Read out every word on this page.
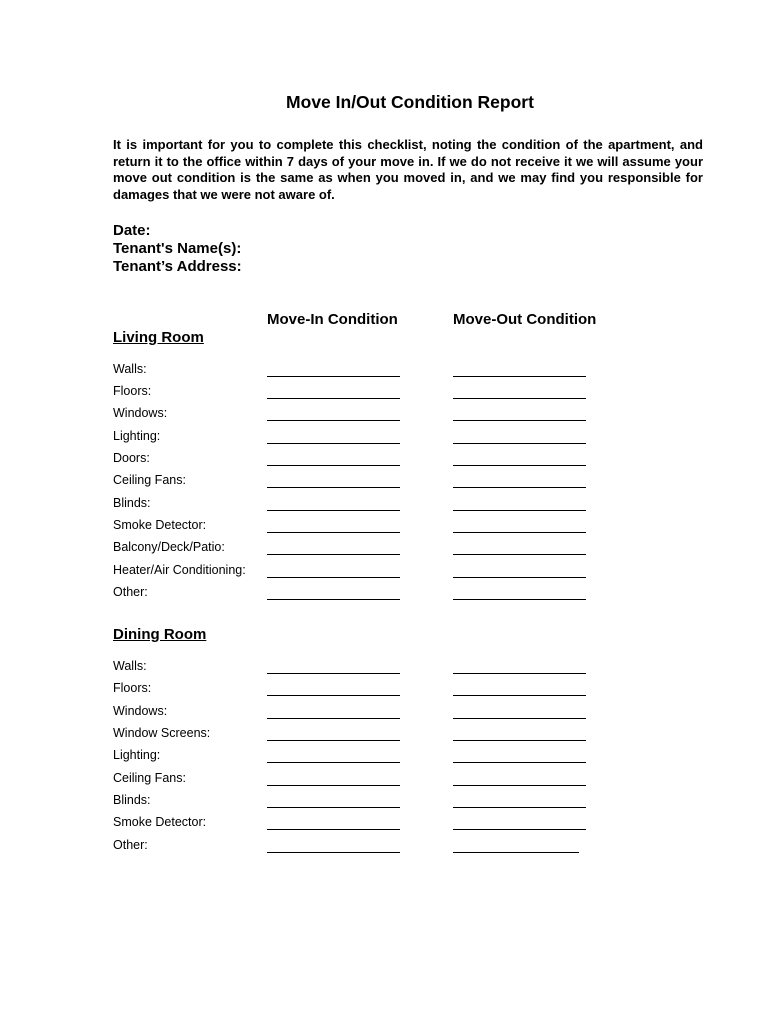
Move In/Out Condition Report
It is important for you to complete this checklist, noting the condition of the apartment, and return it to the office within 7 days of your move in. If we do not receive it we will assume your move out condition is the same as when you moved in, and we may find you responsible for damages that we were not aware of.
Date:
Tenant's Name(s):
Tenant’s Address:
Move-In Condition	Move-Out Condition
Living Room
Walls:
Floors:
Windows:
Lighting:
Doors:
Ceiling Fans:
Blinds:
Smoke Detector:
Balcony/Deck/Patio:
Heater/Air Conditioning:
Other:
Dining Room
Walls:
Floors:
Windows:
Window Screens:
Lighting:
Ceiling Fans:
Blinds:
Smoke Detector:
Other:
